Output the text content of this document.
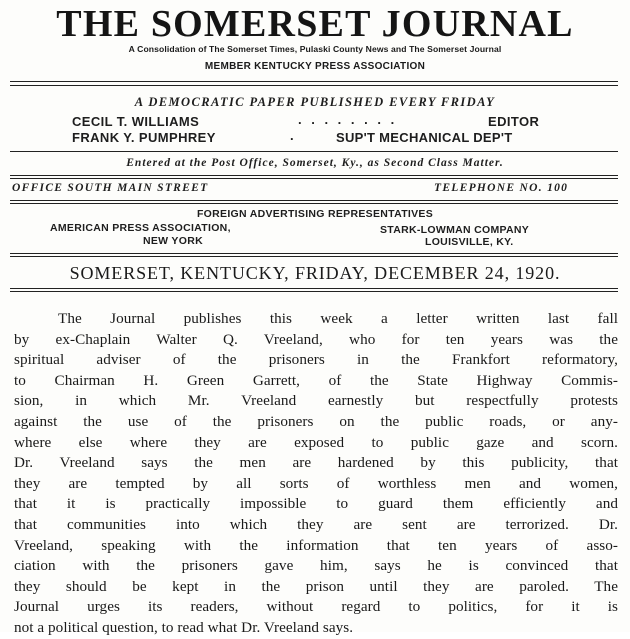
THE SOMERSET JOURNAL
A Consolidation of The Somerset Times, Pulaski County News and The Somerset Journal
MEMBER KENTUCKY PRESS ASSOCIATION
A DEMOCRATIC PAPER PUBLISHED EVERY FRIDAY
CECIL T. WILLIAMS	. . . . . . . .	EDITOR
FRANK Y. PUMPHREY	.	SUP'T MECHANICAL DEP'T
Entered at the Post Office, Somerset, Ky., as Second Class Matter.
OFFICE SOUTH MAIN STREET	TELEPHONE NO. 100
FOREIGN ADVERTISING REPRESENTATIVES
AMERICAN PRESS ASSOCIATION,
NEW YORK
STARK-LOWMAN COMPANY
LOUISVILLE, KY.
SOMERSET, KENTUCKY, FRIDAY, DECEMBER 24, 1920.
The Journal publishes this week a letter written last fall
by ex-Chaplain Walter Q. Vreeland, who for ten years was the
spiritual adviser of the prisoners in the Frankfort reformatory,
to Chairman H. Green Garrett, of the State Highway Commis-
sion, in which Mr. Vreeland earnestly but respectfully protests
against the use of the prisoners on the public roads, or any-
where else where they are exposed to public gaze and scorn.
Dr. Vreeland says the men are hardened by this publicity, that
they are tempted by all sorts of worthless men and women,
that it is practically impossible to guard them efficiently and
that communities into which they are sent are terrorized. Dr.
Vreeland, speaking with the information that ten years of asso-
ciation with the prisoners gave him, says he is convinced that
they should be kept in the prison until they are paroled. The
Journal urges its readers, without regard to politics, for it is
not a political question, to read what Dr. Vreeland says.
